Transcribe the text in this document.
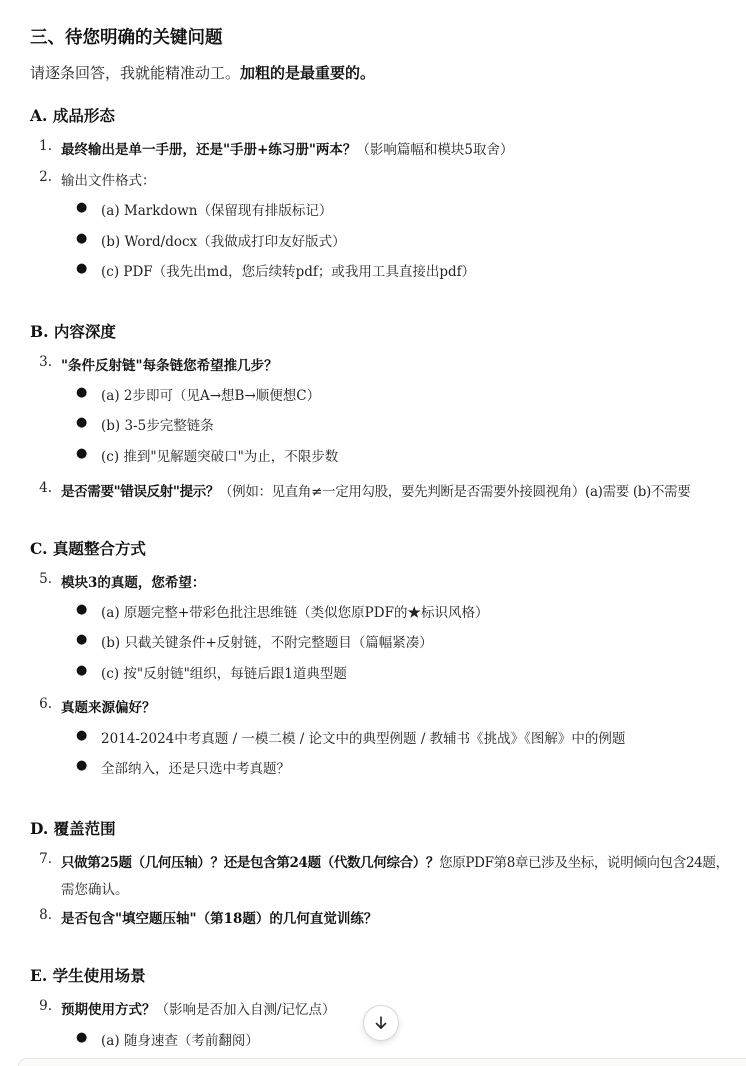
三、待您明确的关键问题
请逐条回答，我就能精准动工。加粗的是最重要的。
A. 成品形态
1. 最终输出是单一手册，还是"手册+练习册"两本？（影响篇幅和模块5取舍）
2. 输出文件格式：
● (a) Markdown（保留现有排版标记）
● (b) Word/docx（我做成打印友好版式）
● (c) PDF（我先出md，您后续转pdf；或我用工具直接出pdf）
B. 内容深度
3. "条件反射链"每条链您希望推几步？
● (a) 2步即可（见A→想B→顺便想C）
● (b) 3-5步完整链条
● (c) 推到"见解题突破口"为止，不限步数
4. 是否需要"错误反射"提示？（例如：见直角≠一定用勾股，要先判断是否需要外接圆视角）(a)需要 (b)不需要
C. 真题整合方式
5. 模块3的真题，您希望：
● (a) 原题完整+带彩色批注思维链（类似您原PDF的★标识风格）
● (b) 只截关键条件+反射链，不附完整题目（篇幅紧凑）
● (c) 按"反射链"组织，每链后跟1道典型题
6. 真题来源偏好？
● 2014-2024中考真题 / 一模二模 / 论文中的典型例题 / 教辅书《挑战》《图解》中的例题
● 全部纳入，还是只选中考真题？
D. 覆盖范围
7. 只做第25题（几何压轴）？还是包含第24题（代数几何综合）？您原PDF第8章已涉及坐标，说明倾向包含24题，
需您确认。
8. 是否包含"填空题压轴"（第18题）的几何直觉训练？
E. 学生使用场景
9. 预期使用方式？（影响是否加入自测/记忆点）
● (a) 随身速查（考前翻阅）
